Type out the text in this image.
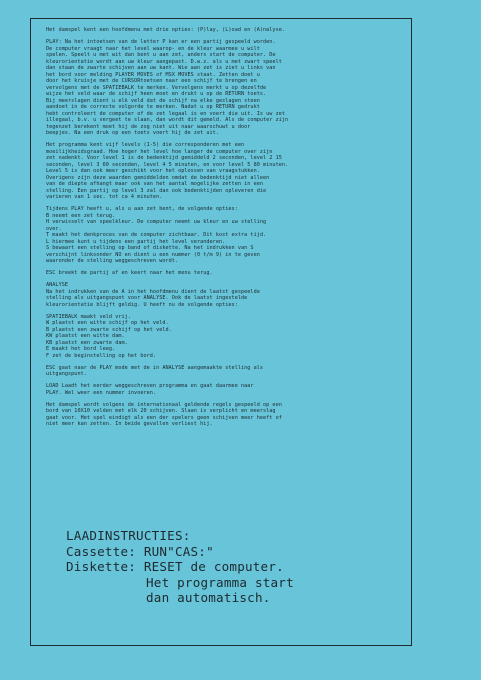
Het damspel kent een hoofdmenu met drie opties: (P)lay, (L)oad en (A)nalyse.

PLAY: Na het intoetsen van de letter P kan er een partij gespeeld worden.
De computer vraagt naar het level waarop- en de kleur waarmee u wilt
spelen. Speelt u met wit dan bent u aan zet, anders start de computer. De
kleurorientatie wordt aan uw kleur aangepast. D.w.z. als u met zwart speelt
dan staan de zwarte schijven aan uw kant. Wie aan zet is ziet u links van
het bord voor melding PLAYER MOVES of MSX MOVES staat. Zetten doet u
door het kruisje met de CURSORtoetsen naar een schijf te brengen en
vervolgens met de SPATIEBALK te merken. Vervolgens merkt u op dezelfde
wijze het veld waar de schijf heen moet en drukt u op de RETURN toets.
Bij meerslagen dient u elk veld dat de schijf na elke geslagen steen
aandoet in de correcte volgorde te merken. Nadat u op RETURN gedrukt
hebt controleert de computer of de zet legaal is en voert die uit. Is uw zet
illegaal, b.v. u vergeet te slaan, dan wordt dit gemeld. Als de computer zijn
tegenzet berekent moet hij de zog niet uit naar waarschuwt u door
beepjes. Na een druk op een toets voert hij de zet uit.

Het programma kent vijf levels (1-5) die corresponderen met een
moeilijkheidsgraad. Hoe hoger het level hoe langer de computer over zijn
zet nadenkt. Voor level 1 is de bedenktijd gemiddeld 2 seconden, level 2 15
seconden, level 3 60 seconden, level 4 5 minuten, en voor level 5 80 minuten.
Level 5 is dan ook meer geschikt voor het oplossen van vraagstukken.
Overigens zijn deze waarden gemiddelden omdat de bedenktijd niet alleen
van de diepte afhangt maar ook van het aantal mogelijke zetten in een
stelling. Een partij op level 3 zal dan ook bedenktijden opleveren die
varieren van 1 sec. tot ca 4 minuten.

Tijdens PLAY heeft u, als u aan zet bent, de volgende opties:
B neemt een zet terug.
H verwisselt van speelkleur. De computer neemt uw kleur en uw stelling
over.
T maakt het denkproces van de computer zichtbaar. Dit kost extra tijd.
L hiermee kunt u tijdens een partij het level veranderen.
S bewaart een stelling op band of diskette. Na het indrukken van S
verschijnt linksonder NO en dient u een nummer (0 t/m 9) in te geven
waaronder de stelling weggeschreven wordt.

ESC breekt de partij af en keert naar het menu terug.

ANALYSE
Na het indrukken van de A in het hoofdmenu dient de laatst gespeelde
stelling als uitgangspunt voor ANALYSE. Ook de laatst ingestelde
kleurorientatie blijft geldig. U heeft nu de volgende opties:

SPATIEBALK maakt veld vrij.
W plaatst een witte schijf op het veld.
B plaatst een zwarte schijf op het veld.
KW plaatst een witte dam.
KB plaatst een zwarte dam.
E maakt het bord leeg.
F zet de beginstelling op het bord.

ESC gaat naar de PLAY mode met de in ANALYSE aangemaakte stelling als
uitgangspunt.

LOAD Laadt het eerder weggeschreven programma en gaat daarmee naar
PLAY. Wel weer een nummer invoeren.

Het damspel wordt volgens de internationaal geldende regels gespeeld op een
bord van 10X10 velden met elk 20 schijven. Slaan is verplicht en meerslag
gaat voor. Het spel eindigt als een der spelers geen schijven meer heeft of
niet meer kan zetten. In beide gevallen verliest hij.

LAADINSTRUCTIES:
Cassette: RUN"CAS:"
Diskette: RESET de computer.
Het programma start
dan automatisch.
